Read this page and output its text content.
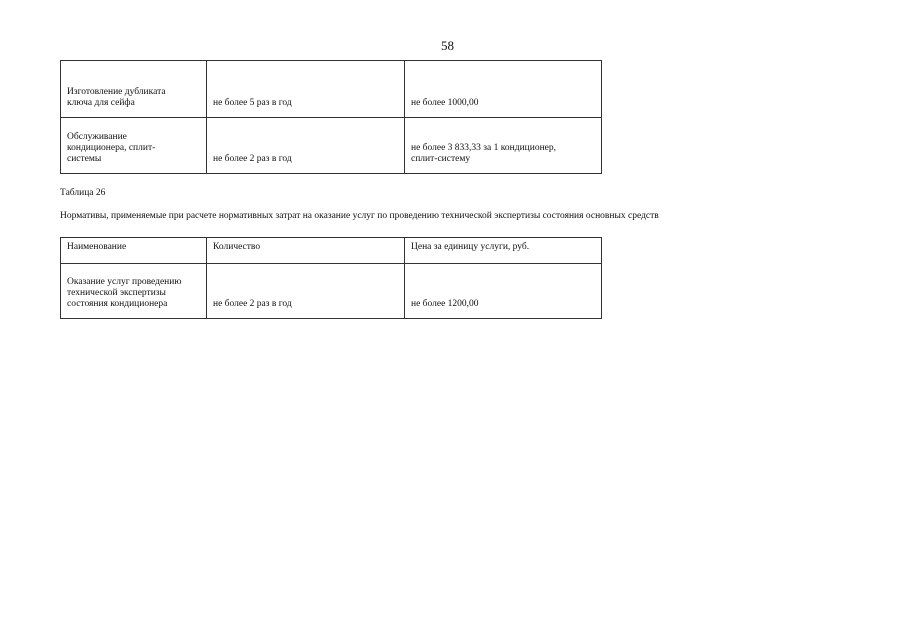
58
Изготовление дубликата
ключа для сейфа	не более 5 раз в год	не более 1000,00
Обслуживание
кондиционера, сплит-
системы	не более 2 раз в год	не более 3 833,33 за 1 кондиционер,
сплит-систему
Таблица 26
Нормативы, применяемые при расчете нормативных затрат на оказание услуг по проведению технической экспертизы состояния основных средств
Наименование	Количество	Цена за единицу услуги, руб.
Оказание услуг проведению
технической экспертизы
состояния кондиционера	не более 2 раз в год	не более 1200,00
